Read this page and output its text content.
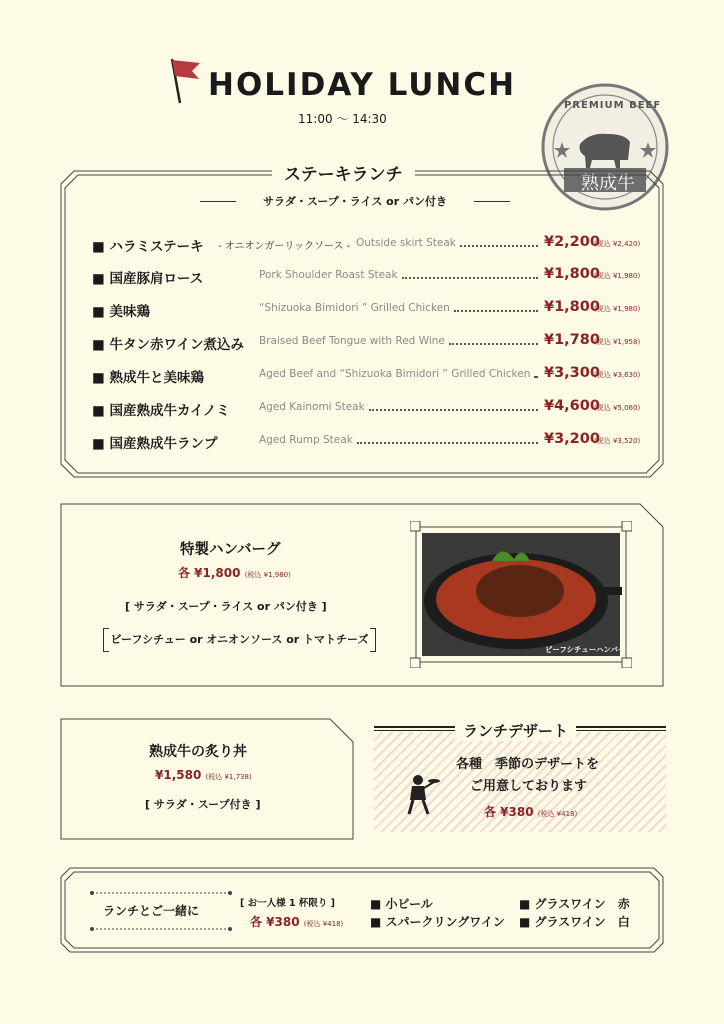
HOLIDAY LUNCH
11:00 〜 14:30
PREMIUM BEEF
熟成牛
ステーキランチ
サラダ・スープ・ライス or パン付き
■ ハラミステーキ - オニオンガーリックソース - Outside skirt Steak	¥2,200
(税込 ¥2,420)
■ 国産豚肩ロース	Pork Shoulder Roast Steak	¥1,800
(税込 ¥1,980)
■ 美味鶏	“Shizuoka Bimidori ” Grilled Chicken	¥1,800
(税込 ¥1,980)
■ 牛タン赤ワイン煮込み Braised Beef Tongue with Red Wine	¥1,780
(税込 ¥1,958)
■ 熟成牛と美味鶏	Aged Beef and “Shizuoka Bimidori ” Grilled Chicken ¥3,300
(税込 ¥3,630)
■ 国産熟成牛カイノミ	Aged Kainomi Steak	¥4,600
(税込 ¥5,060)
■ 国産熟成牛ランプ	Aged Rump Steak	¥3,200
(税込 ¥3,520)
特製ハンバーグ
各 ¥1,800 (税込 ¥1,980)
[ サラダ・スープ・ライス or パン付き ]
ビーフシチュー or オニオンソース or トマトチーズ
ビーフシチューハンバーグ
熟成牛の炙り丼
¥1,580 (税込 ¥1,738)
[ サラダ・スープ付き ]
ランチデザート
各種　季節のデザートを
ご用意しております
各 ¥380 (税込 ¥418)
ランチとご一緒に
[ お一人様 1 杯限り ]
各 ¥380 (税込 ¥418)
■ 小ビール
■ スパークリングワイン
■ グラスワイン　赤
■ グラスワイン　白
